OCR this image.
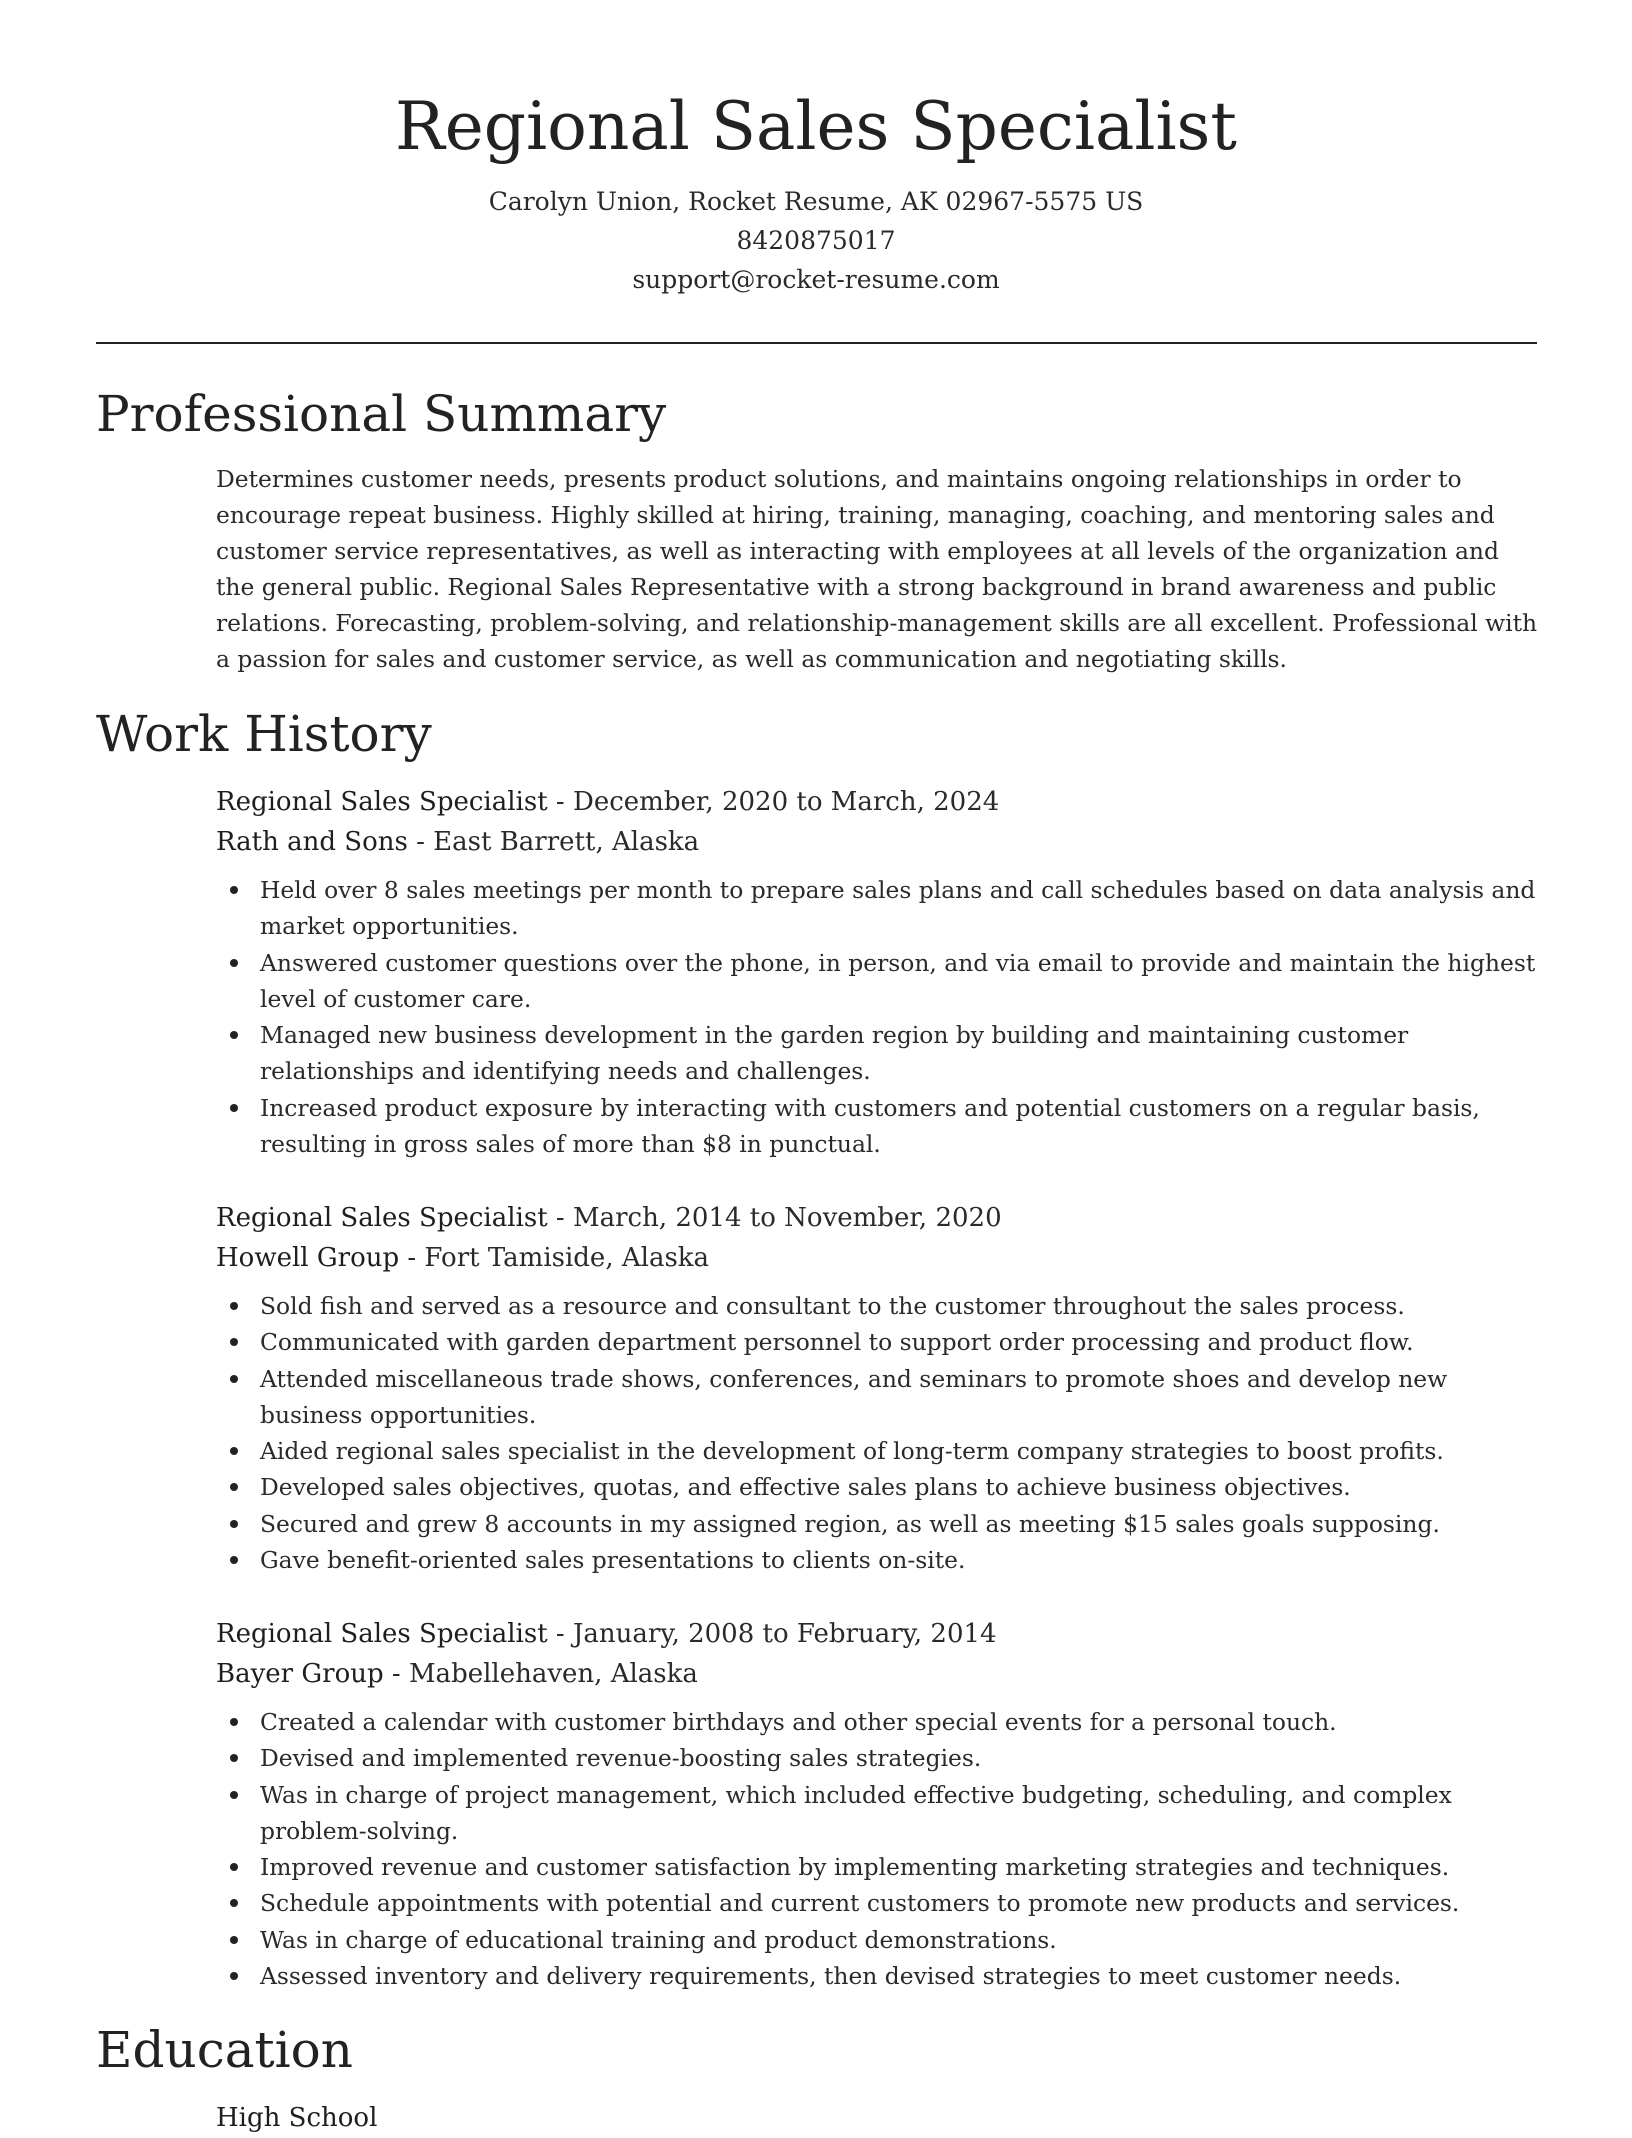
Regional Sales Specialist
Carolyn Union, Rocket Resume, AK 02967-5575 US
8420875017
support@rocket-resume.com
Professional Summary

Determines customer needs, presents product solutions, and maintains ongoing relationships in order to encourage repeat business. Highly skilled at hiring, training, managing, coaching, and mentoring sales and customer service representatives, as well as interacting with employees at all levels of the organization and the general public. Regional Sales Representative with a strong background in brand awareness and public relations. Forecasting, problem-solving, and relationship-management skills are all excellent. Professional with a passion for sales and customer service, as well as communication and negotiating skills.

Work History
Regional Sales Specialist - December, 2020 to March, 2024
Rath and Sons - East Barrett, Alaska
Held over 8 sales meetings per month to prepare sales plans and call schedules based on data analysis and market opportunities.
Answered customer questions over the phone, in person, and via email to provide and maintain the highest level of customer care.
Managed new business development in the garden region by building and maintaining customer relationships and identifying needs and challenges.
Increased product exposure by interacting with customers and potential customers on a regular basis, resulting in gross sales of more than $8 in punctual.
Regional Sales Specialist - March, 2014 to November, 2020
Howell Group - Fort Tamiside, Alaska
Sold fish and served as a resource and consultant to the customer throughout the sales process.
Communicated with garden department personnel to support order processing and product flow.
Attended miscellaneous trade shows, conferences, and seminars to promote shoes and develop new business opportunities.
Aided regional sales specialist in the development of long-term company strategies to boost profits.
Developed sales objectives, quotas, and effective sales plans to achieve business objectives.
Secured and grew 8 accounts in my assigned region, as well as meeting $15 sales goals supposing.
Gave benefit-oriented sales presentations to clients on-site.
Regional Sales Specialist - January, 2008 to February, 2014
Bayer Group - Mabellehaven, Alaska
Created a calendar with customer birthdays and other special events for a personal touch.
Devised and implemented revenue-boosting sales strategies.
Was in charge of project management, which included effective budgeting, scheduling, and complex problem-solving.
Improved revenue and customer satisfaction by implementing marketing strategies and techniques.
Schedule appointments with potential and current customers to promote new products and services.
Was in charge of educational training and product demonstrations.
Assessed inventory and delivery requirements, then devised strategies to meet customer needs.
Education
High School
